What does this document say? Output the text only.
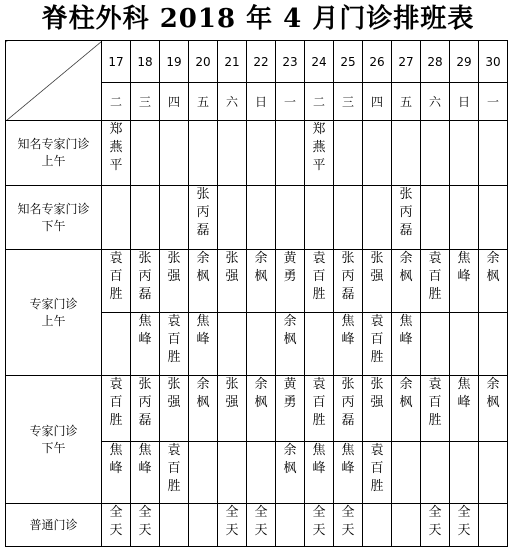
脊柱外科 2018 年 4 月门诊排班表
	17	18	19	20	21	22	23	24	25	26	27	28	29	30
	二	三	四	五	六	日	一	二	三	四	五	六	日	一

知名专家门诊
上午	郑燕平							郑燕平						

知名专家门诊
下午				张丙磊							张丙磊			

专家门诊
上午	袁百胜	张丙磊	张强	余枫	张强	余枫	黄勇	袁百胜	张丙磊	张强	余枫	袁百胜	焦峰	余枫
		焦峰	袁百胜	焦峰			余枫		焦峰	袁百胜	焦峰			

专家门诊
下午	袁百胜	张丙磊	张强	余枫	张强	余枫	黄勇	袁百胜	张丙磊	张强	余枫	袁百胜	焦峰	余枫
	焦峰	焦峰	袁百胜				余枫	焦峰	焦峰	袁百胜				

普通门诊	全天	全天			全天	全天		全天	全天			全天	全天	
